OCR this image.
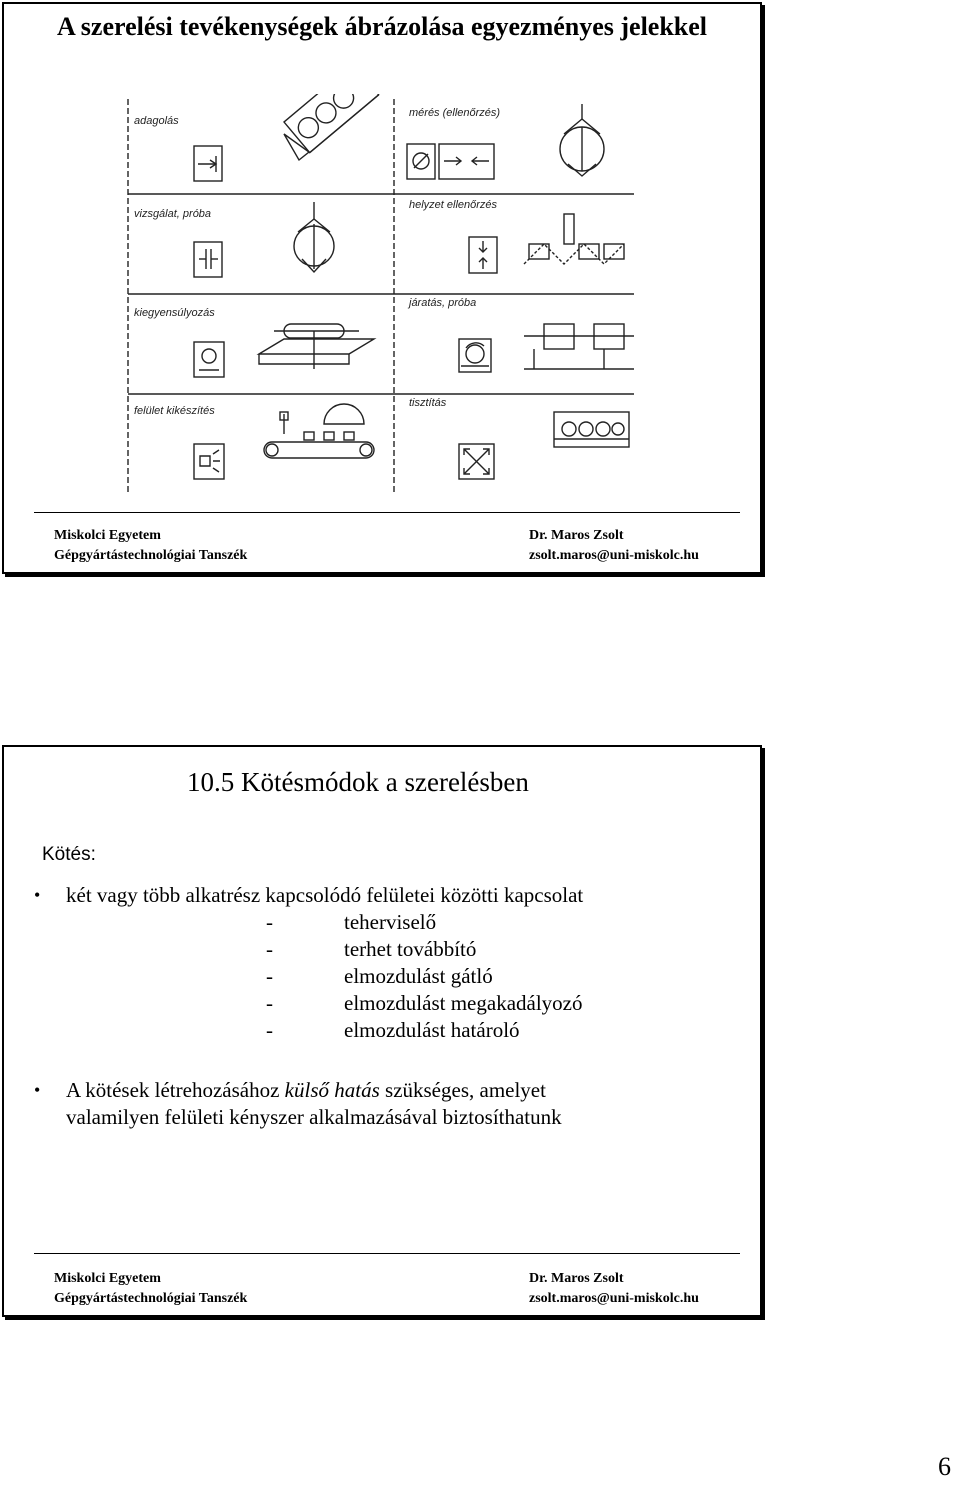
A szerelési tevékenységek ábrázolása egyezményes jelekkel
adagolás
mérés (ellenőrzés)
vizsgálat, próba
helyzet ellenőrzés
kiegyensúlyozás
járatás, próba
felület kikészítés
tisztítás
Miskolci Egyetem
Gépgyártástechnológiai Tanszék
Dr. Maros Zsolt
zsolt.maros@uni-miskolc.hu
10.5 Kötésmódok a szerelésben
Kötés:
• két vagy több alkatrész kapcsolódó felületei közötti kapcsolat
-	teherviselő
-	terhet továbbító
-	elmozdulást gátló
-	elmozdulást megakadályozó
-	elmozdulást határoló
• A kötések létrehozásához külső hatás szükséges, amelyet
valamilyen felületi kényszer alkalmazásával biztosíthatunk
Miskolci Egyetem
Gépgyártástechnológiai Tanszék
Dr. Maros Zsolt
zsolt.maros@uni-miskolc.hu
6
